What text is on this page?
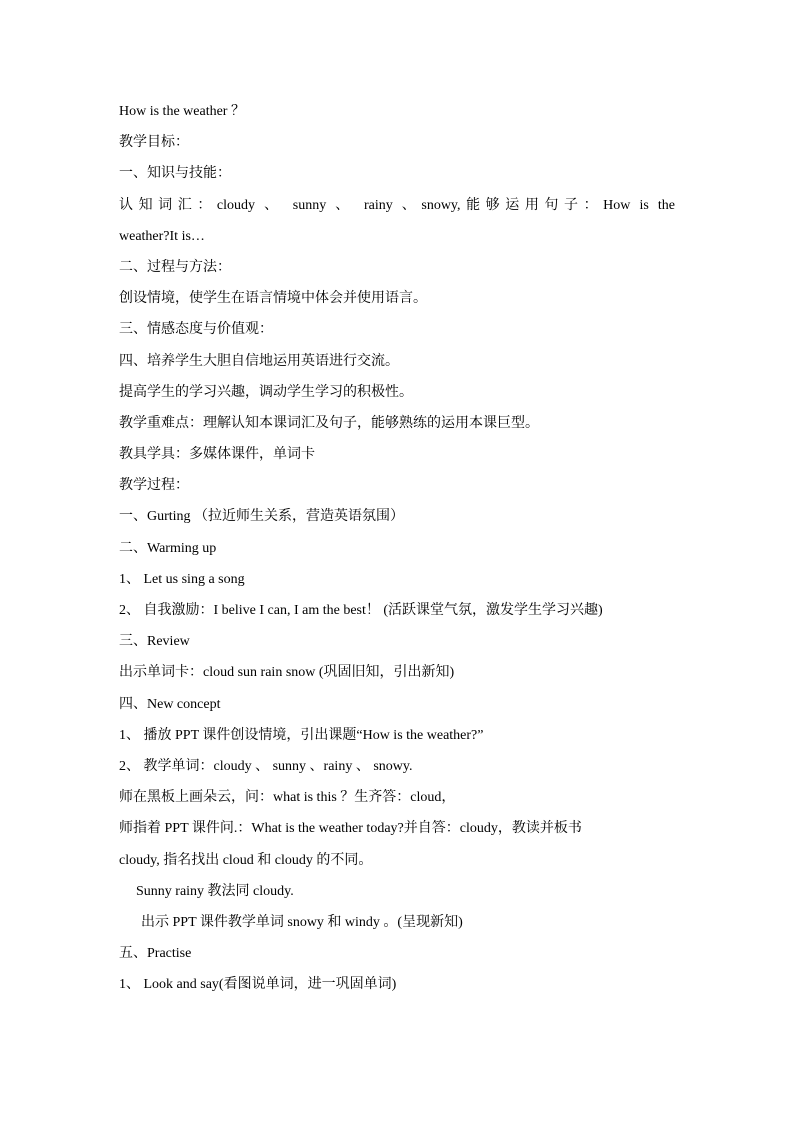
How is the weather ？
教学目标：
一、知识与技能：
认知词汇：cloudy 、 sunny 、 rainy 、snowy,能够运用句子：How is the
weather?It is…
二、过程与方法：
创设情境，使学生在语言情境中体会并使用语言。
三、情感态度与价值观：
四、培养学生大胆自信地运用英语进行交流。
提高学生的学习兴趣，调动学生学习的积极性。
教学重难点：理解认知本课词汇及句子，能够熟练的运用本课巨型。
教具学具：多媒体课件，单词卡
教学过程：
一、Gurting （拉近师生关系，营造英语氛围）
二、Warming up
1、 Let us sing a song
2、 自我激励：I belive I can, I am the best！ (活跃课堂气氛，激发学生学习兴趣)
三、Review
出示单词卡：cloud sun rain snow (巩固旧知，引出新知)
四、New concept
1、 播放 PPT 课件创设情境，引出课题“How is the weather?”
2、 教学单词：cloudy 、 sunny 、rainy 、 snowy.
师在黑板上画朵云，问：what is this ？生齐答：cloud，
师指着 PPT 课件问.：What is the weather today?并自答：cloudy，教读并板书
cloudy, 指名找出 cloud 和 cloudy 的不同。
Sunny rainy 教法同 cloudy.
出示 PPT 课件教学单词 snowy 和 windy 。(呈现新知)
五、Practise
1、 Look and say(看图说单词，进一巩固单词)
